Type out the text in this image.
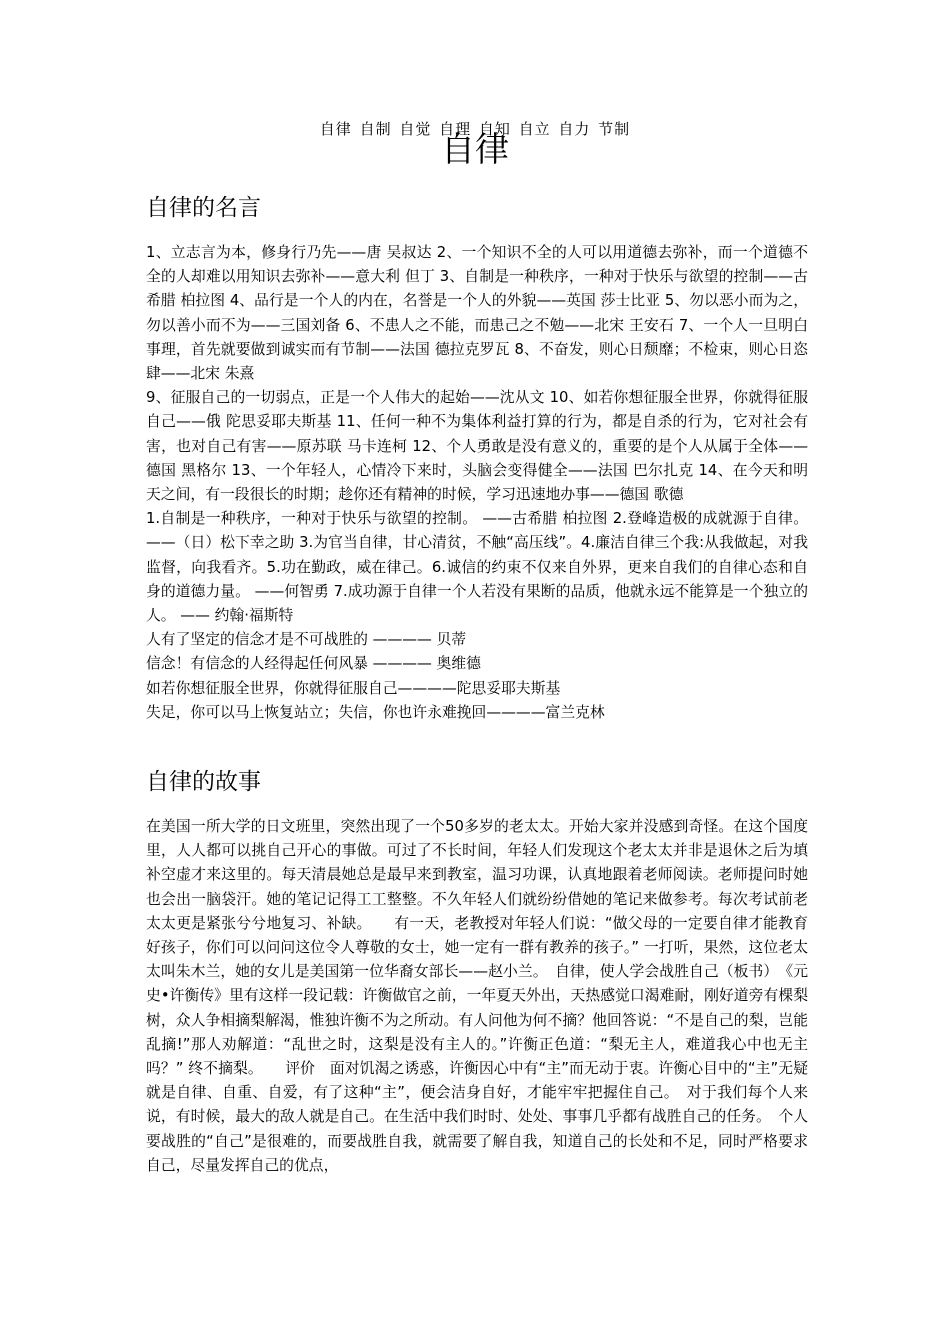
自律 自制 自觉 自理 自知 自立 自力 节制
自律
自律的名言

1、立志言为本，修身行乃先——唐 吴叔达 2、一个知识不全的人可以用道德去弥补，而一个道德不全的人却难以用知识去弥补——意大利 但丁 3、自制是一种秩序，一种对于快乐与欲望的控制——古希腊 柏拉图 4、品行是一个人的内在，名誉是一个人的外貌——英国 莎士比亚 5、勿以恶小而为之，勿以善小而不为——三国刘备 6、不患人之不能，而患己之不勉——北宋 王安石 7、一个人一旦明白事理，首先就要做到诚实而有节制——法国 德拉克罗瓦 8、不奋发，则心日颓靡；不检束，则心日恣肆——北宋 朱熹

9、征服自己的一切弱点，正是一个人伟大的起始——沈从文 10、如若你想征服全世界，你就得征服自己——俄 陀思妥耶夫斯基 11、任何一种不为集体利益打算的行为，都是自杀的行为，它对社会有害，也对自己有害——原苏联 马卡连柯 12、个人勇敢是没有意义的，重要的是个人从属于全体——德国 黑格尔 13、一个年轻人，心情冷下来时，头脑会变得健全——法国 巴尔扎克 14、在今天和明天之间，有一段很长的时期；趁你还有精神的时候，学习迅速地办事——德国 歌德

1.自制是一种秩序，一种对于快乐与欲望的控制。 ——古希腊 柏拉图 2.登峰造极的成就源于自律。——（日）松下幸之助 3.为官当自律，甘心清贫，不触“高压线”。4.廉洁自律三个我:从我做起，对我监督，向我看齐。5.功在勤政，威在律己。6.诚信的约束不仅来自外界，更来自我们的自律心态和自身的道德力量。 ——何智勇 7.成功源于自律一个人若没有果断的品质，他就永远不能算是一个独立的人。 —— 约翰·福斯特

人有了坚定的信念才是不可战胜的 ———— 贝蒂

信念！有信念的人经得起任何风暴 ———— 奥维德

如若你想征服全世界，你就得征服自己————陀思妥耶夫斯基

失足，你可以马上恢复站立；失信，你也许永难挽回————富兰克林

自律的故事

在美国一所大学的日文班里，突然出现了一个50多岁的老太太。开始大家并没感到奇怪。在这个国度里，人人都可以挑自己开心的事做。可过了不长时间，年轻人们发现这个老太太并非是退休之后为填补空虚才来这里的。每天清晨她总是最早来到教室，温习功课，认真地跟着老师阅读。老师提问时她也会出一脑袋汗。她的笔记记得工工整整。不久年轻人们就纷纷借她的笔记来做参考。每次考试前老太太更是紧张兮兮地复习、补缺。　　有一天，老教授对年轻人们说：“做父母的一定要自律才能教育好孩子，你们可以问问这位令人尊敬的女士，她一定有一群有教养的孩子。” 一打听，果然，这位老太太叫朱木兰，她的女儿是美国第一位华裔女部长——赵小兰。　自律，使人学会战胜自己（板书）　《元史•许衡传》里有这样一段记载：许衡做官之前，一年夏天外出，天热感觉口渴难耐，刚好道旁有棵梨树，众人争相摘梨解渴，惟独许衡不为之所动。有人问他为何不摘？他回答说：“不是自己的梨，岂能乱摘!”那人劝解道：“乱世之时，这梨是没有主人的。”许衡正色道：“梨无主人，难道我心中也无主吗？” 终不摘梨。　　评价　面对饥渴之诱惑，许衡因心中有“主”而无动于衷。许衡心目中的“主”无疑就是自律、自重、自爱，有了这种“主”，便会洁身自好，才能牢牢把握住自己。　对于我们每个人来说，有时候，最大的敌人就是自己。在生活中我们时时、处处、事事几乎都有战胜自己的任务。　个人要战胜的“自己”是很难的，而要战胜自我，就需要了解自我，知道自己的长处和不足，同时严格要求自己，尽量发挥自己的优点，
